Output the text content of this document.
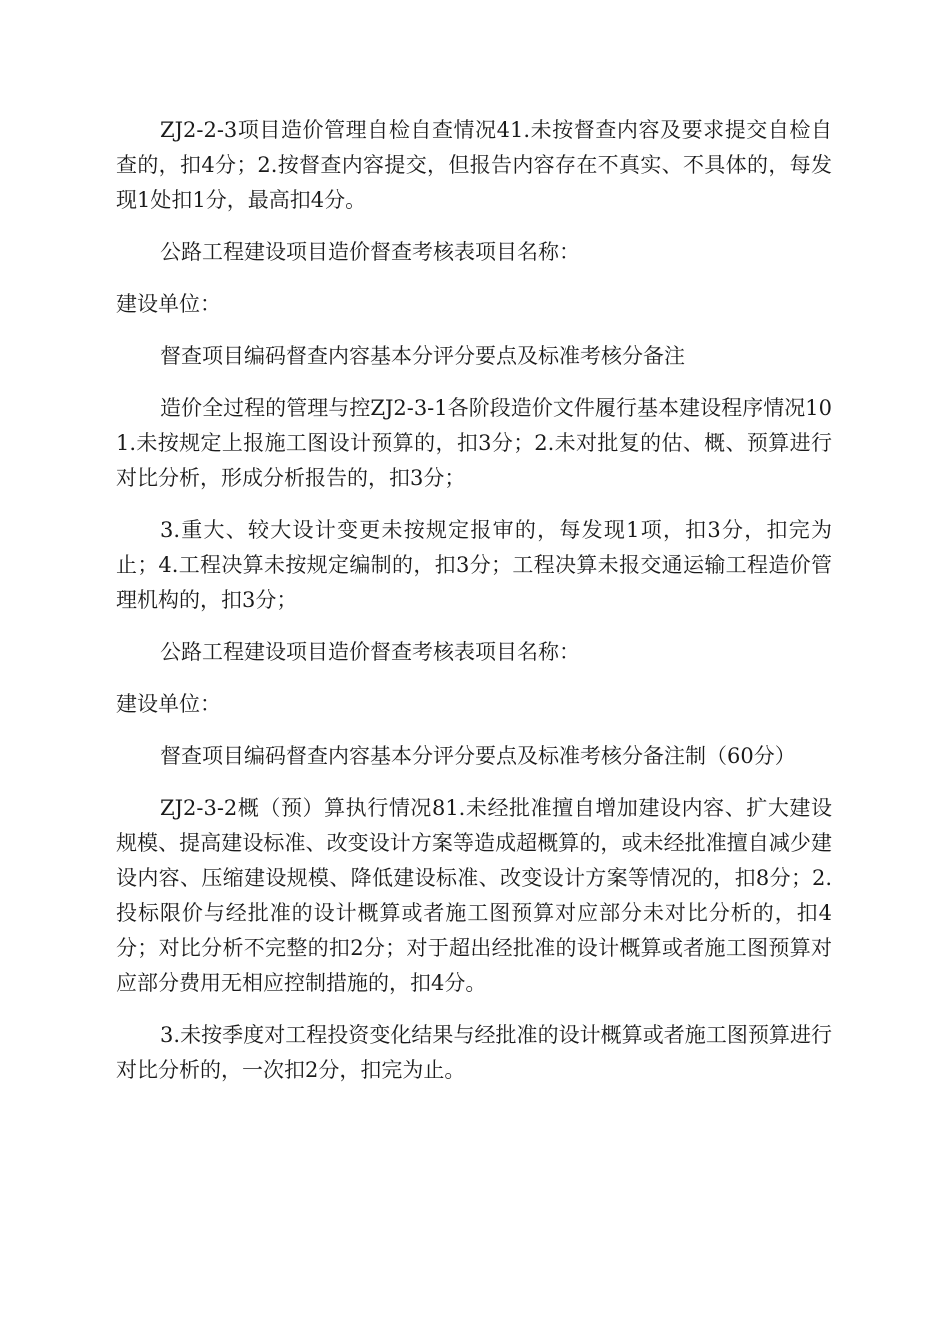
ZJ2-2-3项目造价管理自检自查情况41.未按督查内容及要求提交自检自查的，扣4分；2.按督查内容提交，但报告内容存在不真实、不具体的，每发现1处扣1分，最高扣4分。

公路工程建设项目造价督查考核表项目名称：

建设单位：

督查项目编码督查内容基本分评分要点及标准考核分备注

造价全过程的管理与控ZJ2-3-1各阶段造价文件履行基本建设程序情况101.未按规定上报施工图设计预算的，扣3分；2.未对批复的估、概、预算进行对比分析，形成分析报告的，扣3分；

3.重大、较大设计变更未按规定报审的，每发现1项，扣3分，扣完为止；4.工程决算未按规定编制的，扣3分；工程决算未报交通运输工程造价管理机构的，扣3分；

公路工程建设项目造价督查考核表项目名称：

建设单位：

督查项目编码督查内容基本分评分要点及标准考核分备注制（60分）

ZJ2-3-2概（预）算执行情况81.未经批准擅自增加建设内容、扩大建设规模、提高建设标准、改变设计方案等造成超概算的，或未经批准擅自减少建设内容、压缩建设规模、降低建设标准、改变设计方案等情况的，扣8分；2.投标限价与经批准的设计概算或者施工图预算对应部分未对比分析的，扣4分；对比分析不完整的扣2分；对于超出经批准的设计概算或者施工图预算对应部分费用无相应控制措施的，扣4分。

3.未按季度对工程投资变化结果与经批准的设计概算或者施工图预算进行对比分析的，一次扣2分，扣完为止。
